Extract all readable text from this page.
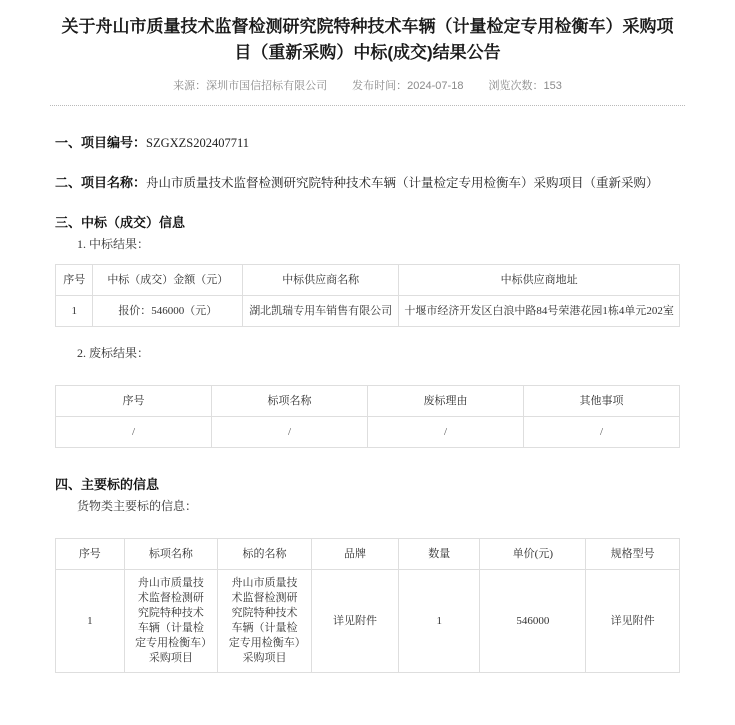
关于舟山市质量技术监督检测研究院特种技术车辆（计量检定专用检衡车）采购项目（重新采购）中标(成交)结果公告
来源：深圳市国信招标有限公司 发布时间：2024-07-18 浏览次数：153

一、项目编号：SZGXZS202407711

二、项目名称：舟山市质量技术监督检测研究院特种技术车辆（计量检定专用检衡车）采购项目（重新采购）

三、中标（成交）信息

1. 中标结果：

序号	中标（成交）金额（元）	中标供应商名称	中标供应商地址
1	报价：546000（元）	湖北凯瑞专用车销售有限公司	十堰市经济开发区白浪中路84号荣港花园1栋4单元202室

2. 废标结果：

序号	标项名称	废标理由	其他事项
/	/	/	/

四、主要标的信息

货物类主要标的信息：

序号	标项名称	标的名称	品牌	数量	单价(元)	规格型号
1	舟山市质量技术监督检测研究院特种技术车辆（计量检定专用检衡车）采购项目	舟山市质量技术监督检测研究院特种技术车辆（计量检定专用检衡车）采购项目	详见附件	1	546000	详见附件
